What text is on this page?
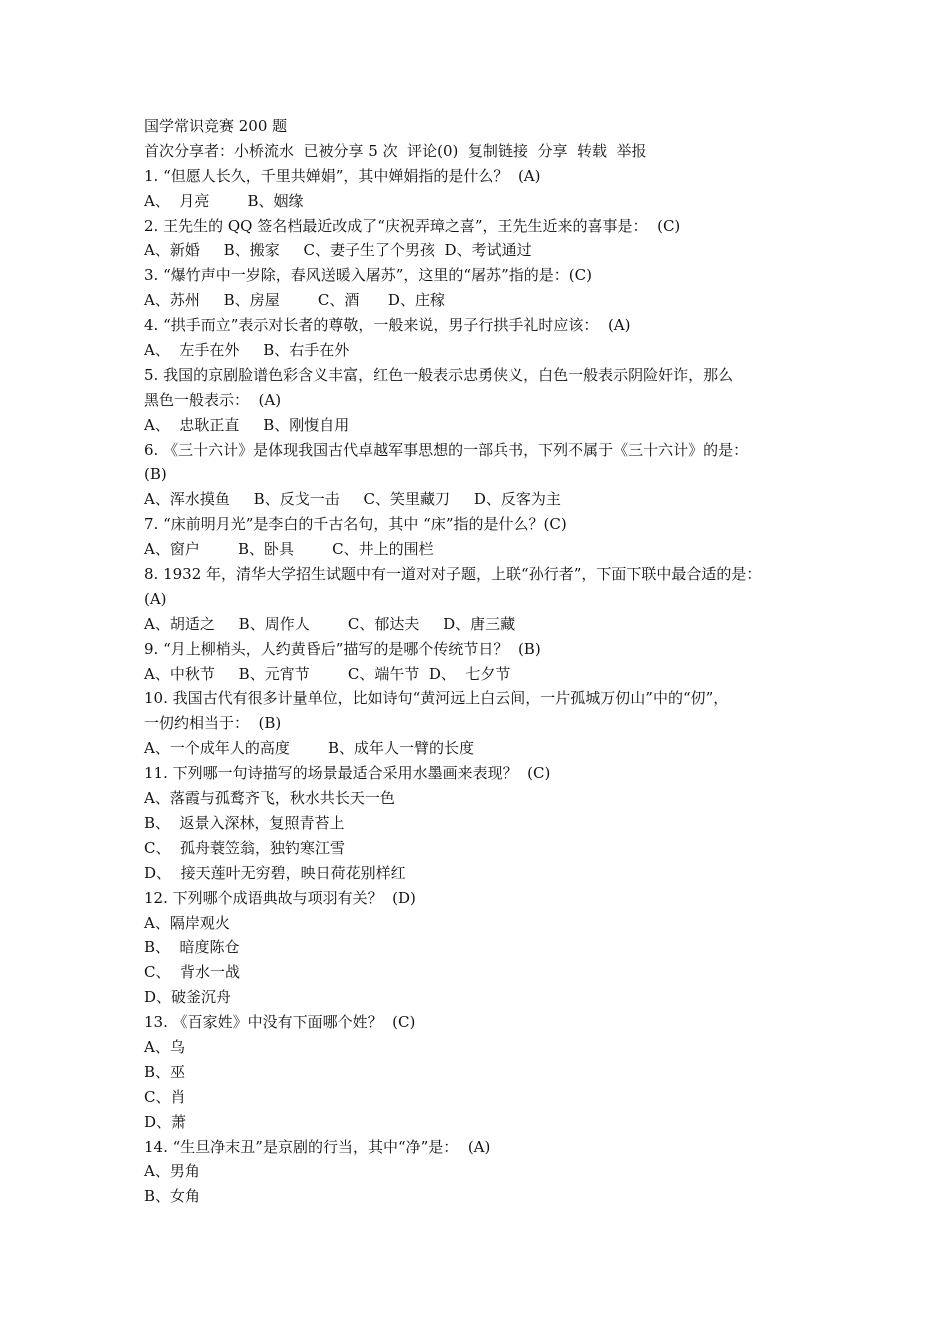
国学常识竞赛 200 题

首次分享者：小桥流水  已被分享 5 次  评论(0)  复制链接  分享  转载  举报

1. “但愿人长久，千里共婵娟”，其中婵娟指的是什么？  (A)

A、  月亮        B、姻缘

2. 王先生的 QQ 签名档最近改成了“庆祝弄璋之喜”，王先生近来的喜事是：  (C)

A、新婚     B、搬家     C、妻子生了个男孩  D、考试通过

3. “爆竹声中一岁除，春风送暖入屠苏”，这里的“屠苏”指的是：(C)

A、苏州     B、房屋        C、酒      D、庄稼

4. “拱手而立”表示对长者的尊敬，一般来说，男子行拱手礼时应该：  (A)

A、  左手在外     B、右手在外

5. 我国的京剧脸谱色彩含义丰富，红色一般表示忠勇侠义，白色一般表示阴险奸诈，那么

黑色一般表示：  (A)

A、  忠耿正直     B、刚愎自用

6. 《三十六计》是体现我国古代卓越军事思想的一部兵书，下列不属于《三十六计》的是：

(B)

A、浑水摸鱼     B、反戈一击     C、笑里藏刀     D、反客为主

7. “床前明月光”是李白的千古名句，其中 “床”指的是什么？(C)

A、窗户        B、卧具        C、井上的围栏

8. 1932 年，清华大学招生试题中有一道对对子题，上联“孙行者”，下面下联中最合适的是：

(A)

A、胡适之     B、周作人        C、郁达夫     D、唐三藏

9. “月上柳梢头，人约黄昏后”描写的是哪个传统节日？  (B)

A、中秋节     B、元宵节        C、端午节  D、  七夕节

10. 我国古代有很多计量单位，比如诗句“黄河远上白云间，一片孤城万仞山”中的“仞”，

一仞约相当于：  (B)

A、一个成年人的高度        B、成年人一臂的长度

11. 下列哪一句诗描写的场景最适合采用水墨画来表现？  (C)

A、落霞与孤鹜齐飞，秋水共长天一色

B、  返景入深林，复照青苔上

C、  孤舟蓑笠翁，独钓寒江雪

D、  接天莲叶无穷碧，映日荷花别样红

12. 下列哪个成语典故与项羽有关？  (D)

A、隔岸观火

B、  暗度陈仓

C、  背水一战

D、破釜沉舟

13. 《百家姓》中没有下面哪个姓？  (C)

A、乌

B、巫

C、肖

D、萧

14. “生旦净末丑”是京剧的行当，其中“净”是：  (A)

A、男角

B、女角
